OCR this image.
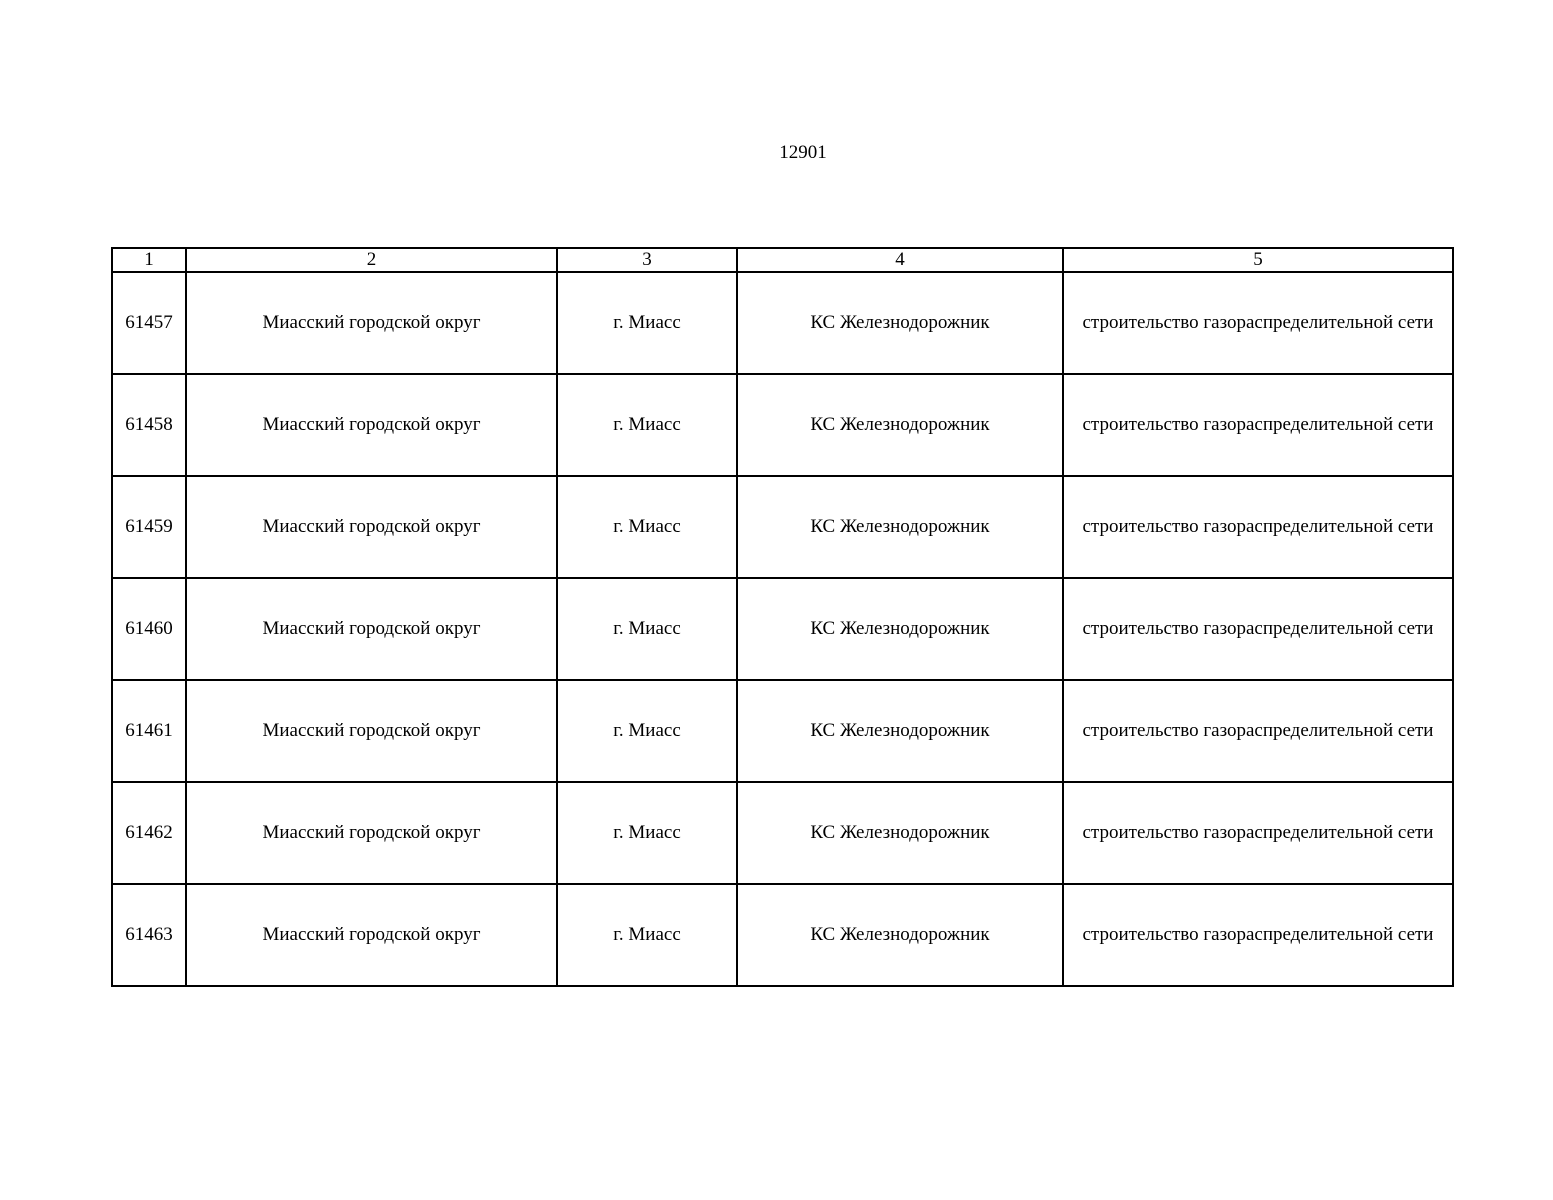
12901
1	2	3	4	5
61457	Миасский городской округ	г. Миасс	КС Железнодорожник	строительство газораспределительной сети
61458	Миасский городской округ	г. Миасс	КС Железнодорожник	строительство газораспределительной сети
61459	Миасский городской округ	г. Миасс	КС Железнодорожник	строительство газораспределительной сети
61460	Миасский городской округ	г. Миасс	КС Железнодорожник	строительство газораспределительной сети
61461	Миасский городской округ	г. Миасс	КС Железнодорожник	строительство газораспределительной сети
61462	Миасский городской округ	г. Миасс	КС Железнодорожник	строительство газораспределительной сети
61463	Миасский городской округ	г. Миасс	КС Железнодорожник	строительство газораспределительной сети
